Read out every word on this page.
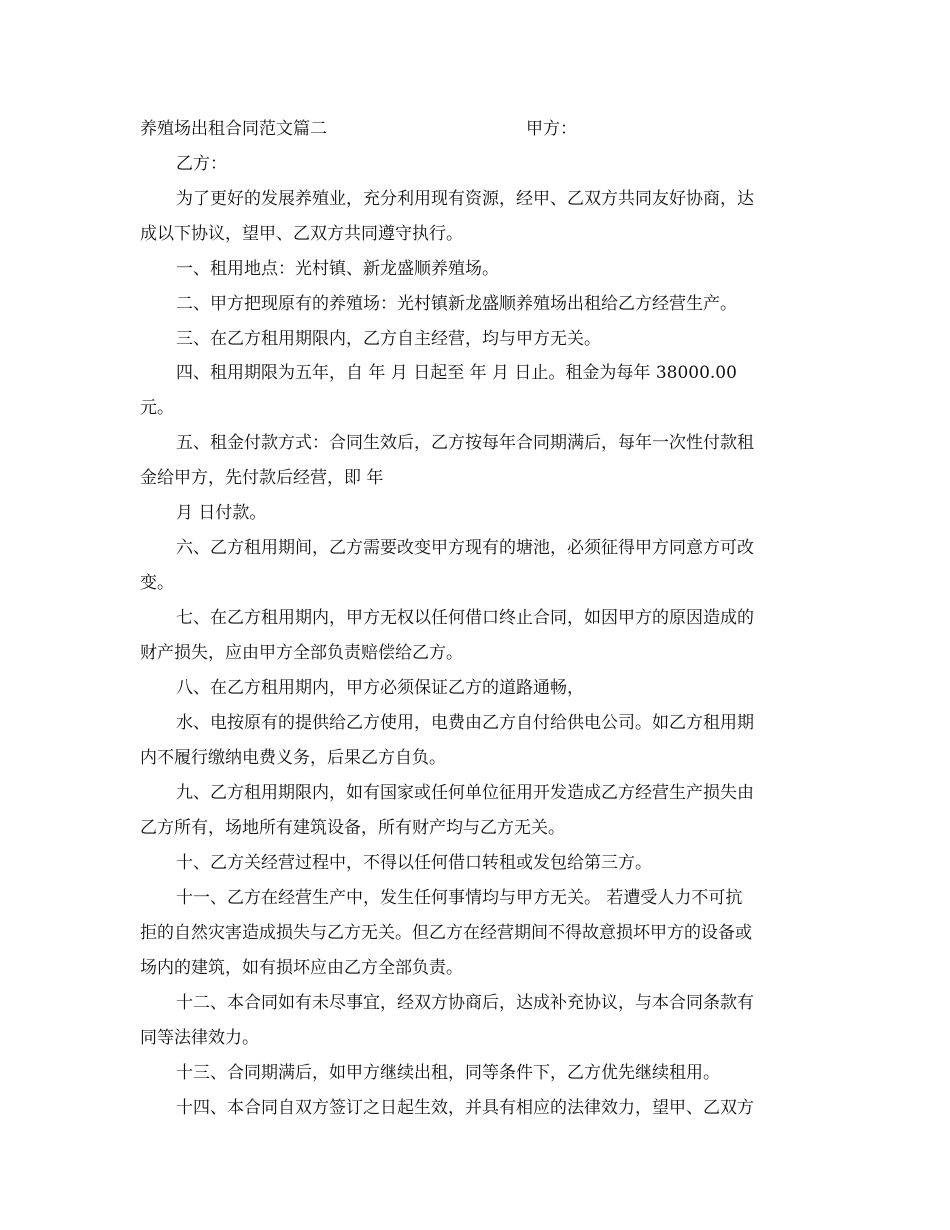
养殖场出租合同范文篇二	甲方：
乙方：
为了更好的发展养殖业，充分利用现有资源，经甲、乙双方共同友好协商，达
成以下协议，望甲、乙双方共同遵守执行。
一、租用地点：光村镇、新龙盛顺养殖场。
二、甲方把现原有的养殖场：光村镇新龙盛顺养殖场出租给乙方经营生产。
三、在乙方租用期限内，乙方自主经营，均与甲方无关。
四、租用期限为五年，自 年 月 日起至 年 月 日止。租金为每年 38000.00
元。
五、租金付款方式：合同生效后，乙方按每年合同期满后，每年一次性付款租
金给甲方，先付款后经营，即 年
月 日付款。
六、乙方租用期间，乙方需要改变甲方现有的塘池，必须征得甲方同意方可改
变。
七、在乙方租用期内，甲方无权以任何借口终止合同，如因甲方的原因造成的
财产损失，应由甲方全部负责赔偿给乙方。
八、在乙方租用期内，甲方必须保证乙方的道路通畅，
水、电按原有的提供给乙方使用，电费由乙方自付给供电公司。如乙方租用期
内不履行缴纳电费义务，后果乙方自负。
九、乙方租用期限内，如有国家或任何单位征用开发造成乙方经营生产损失由
乙方所有，场地所有建筑设备，所有财产均与乙方无关。
十、乙方关经营过程中，不得以任何借口转租或发包给第三方。
十一、乙方在经营生产中，发生任何事情均与甲方无关。 若遭受人力不可抗
拒的自然灾害造成损失与乙方无关。但乙方在经营期间不得故意损坏甲方的设备或
场内的建筑，如有损坏应由乙方全部负责。
十二、本合同如有未尽事宜，经双方协商后，达成补充协议，与本合同条款有
同等法律效力。
十三、合同期满后，如甲方继续出租，同等条件下，乙方优先继续租用。
十四、本合同自双方签订之日起生效，并具有相应的法律效力，望甲、乙双方
